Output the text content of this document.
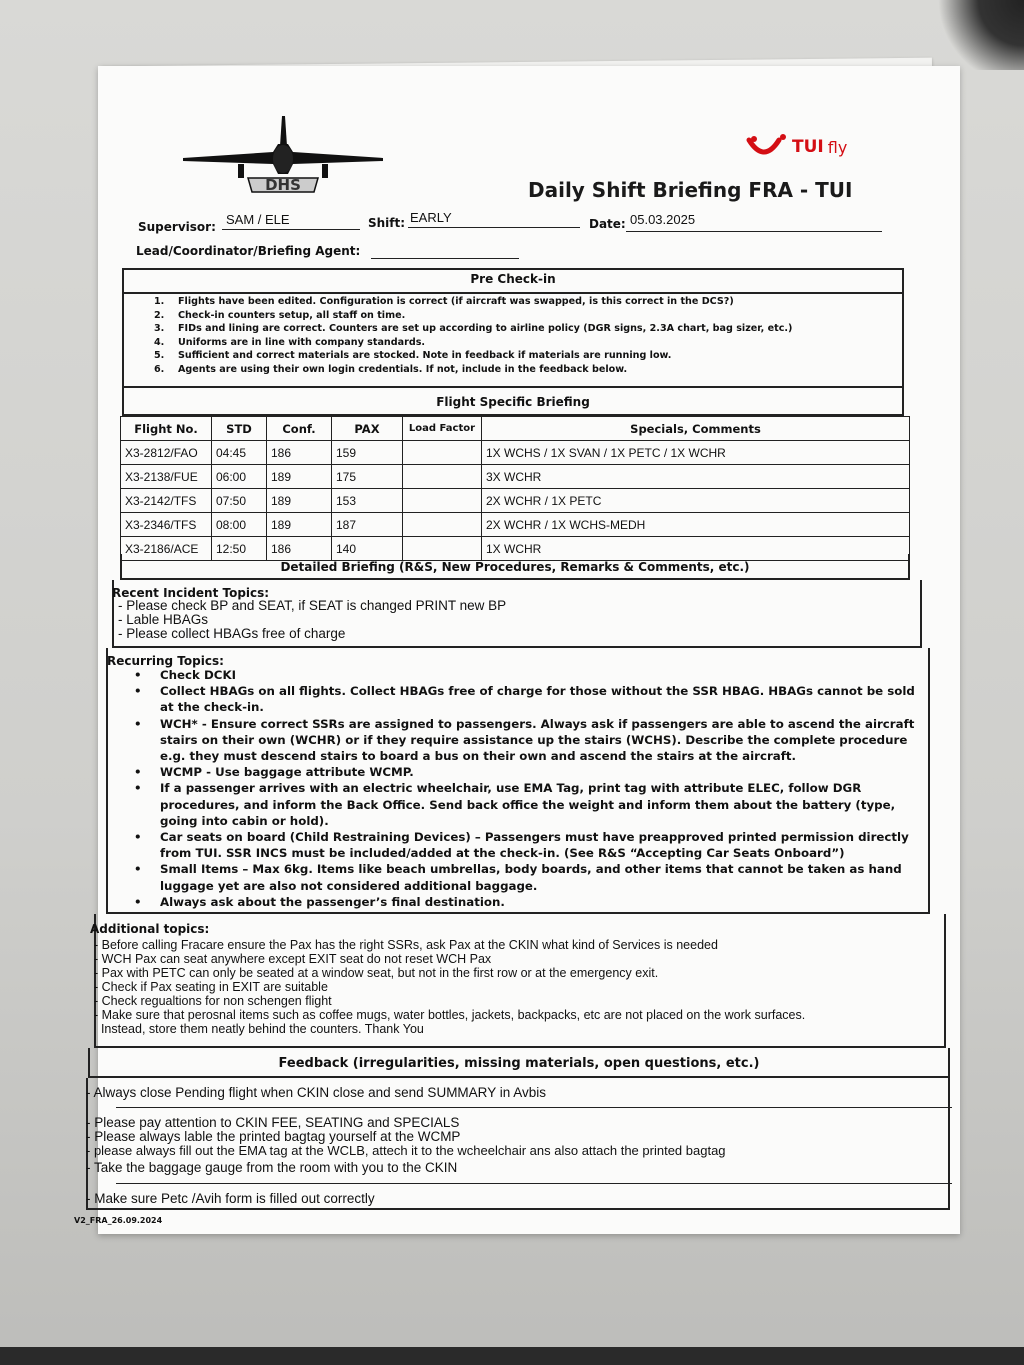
DHS
TUI fly
Daily Shift Briefing FRA - TUI
Supervisor: SAM / ELE	Shift: EARLY	Date: 05.03.2025
Lead/Coordinator/Briefing Agent:
Pre Check-in
1. Flights have been edited. Configuration is correct (if aircraft was swapped, is this correct in the DCS?)
2. Check-in counters setup, all staff on time.
3. FIDs and lining are correct. Counters are set up according to airline policy (DGR signs, 2.3A chart, bag sizer, etc.)
4. Uniforms are in line with company standards.
5. Sufficient and correct materials are stocked. Note in feedback if materials are running low.
6. Agents are using their own login credentials. If not, include in the feedback below.
Flight Specific Briefing
Flight No.	STD	Conf.	PAX	Load Factor	Specials, Comments
X3-2812/FAO	04:45	186	159		1X WCHS / 1X SVAN / 1X PETC / 1X WCHR
X3-2138/FUE	06:00	189	175		3X WCHR
X3-2142/TFS	07:50	189	153		2X WCHR / 1X PETC
X3-2346/TFS	08:00	189	187		2X WCHR / 1X WCHS-MEDH
X3-2186/ACE	12:50	186	140		1X WCHR
Detailed Briefing (R&S, New Procedures, Remarks & Comments, etc.)
Recent Incident Topics:
- Please check BP and SEAT, if SEAT is changed PRINT new BP
- Lable HBAGs
- Please collect HBAGs free of charge
Recurring Topics:
• Check DCKI
• Collect HBAGs on all flights. Collect HBAGs free of charge for those without the SSR HBAG. HBAGs cannot be sold
at the check-in.
• WCH* - Ensure correct SSRs are assigned to passengers. Always ask if passengers are able to ascend the aircraft
stairs on their own (WCHR) or if they require assistance up the stairs (WCHS). Describe the complete procedure
e.g. they must descend stairs to board a bus on their own and ascend the stairs at the aircraft.
• WCMP - Use baggage attribute WCMP.
• If a passenger arrives with an electric wheelchair, use EMA Tag, print tag with attribute ELEC, follow DGR
procedures, and inform the Back Office. Send back office the weight and inform them about the battery (type,
going into cabin or hold).
• Car seats on board (Child Restraining Devices) – Passengers must have preapproved printed permission directly
from TUI. SSR INCS must be included/added at the check-in. (See R&S “Accepting Car Seats Onboard”)
• Small Items – Max 6kg. Items like beach umbrellas, body boards, and other items that cannot be taken as hand
luggage yet are also not considered additional baggage.
• Always ask about the passenger’s final destination.
Additional topics:
- Before calling Fracare ensure the Pax has the right SSRs, ask Pax at the CKIN what kind of Services is needed
- WCH Pax can seat anywhere except EXIT seat do not reset WCH Pax
- Pax with PETC can only be seated at a window seat, but not in the first row or at the emergency exit.
- Check if Pax seating in EXIT are suitable
- Check regualtions for non schengen flight
- Make sure that perosnal items such as coffee mugs, water bottles, jackets, backpacks, etc are not placed on the work surfaces.
Instead, store them neatly behind the counters. Thank You
Feedback (irregularities, missing materials, open questions, etc.)
- Always close Pending flight when CKIN close and send SUMMARY in Avbis
- Please pay attention to CKIN FEE, SEATING and SPECIALS
- Please always lable the printed bagtag yourself at the WCMP
- please always fill out the EMA tag at the WCLB, attech it to the wcheelchair ans also attach the printed bagtag
- Take the baggage gauge from the room with you to the CKIN
- Make sure Petc /Avih form is filled out correctly
V2_FRA_26.09.2024
